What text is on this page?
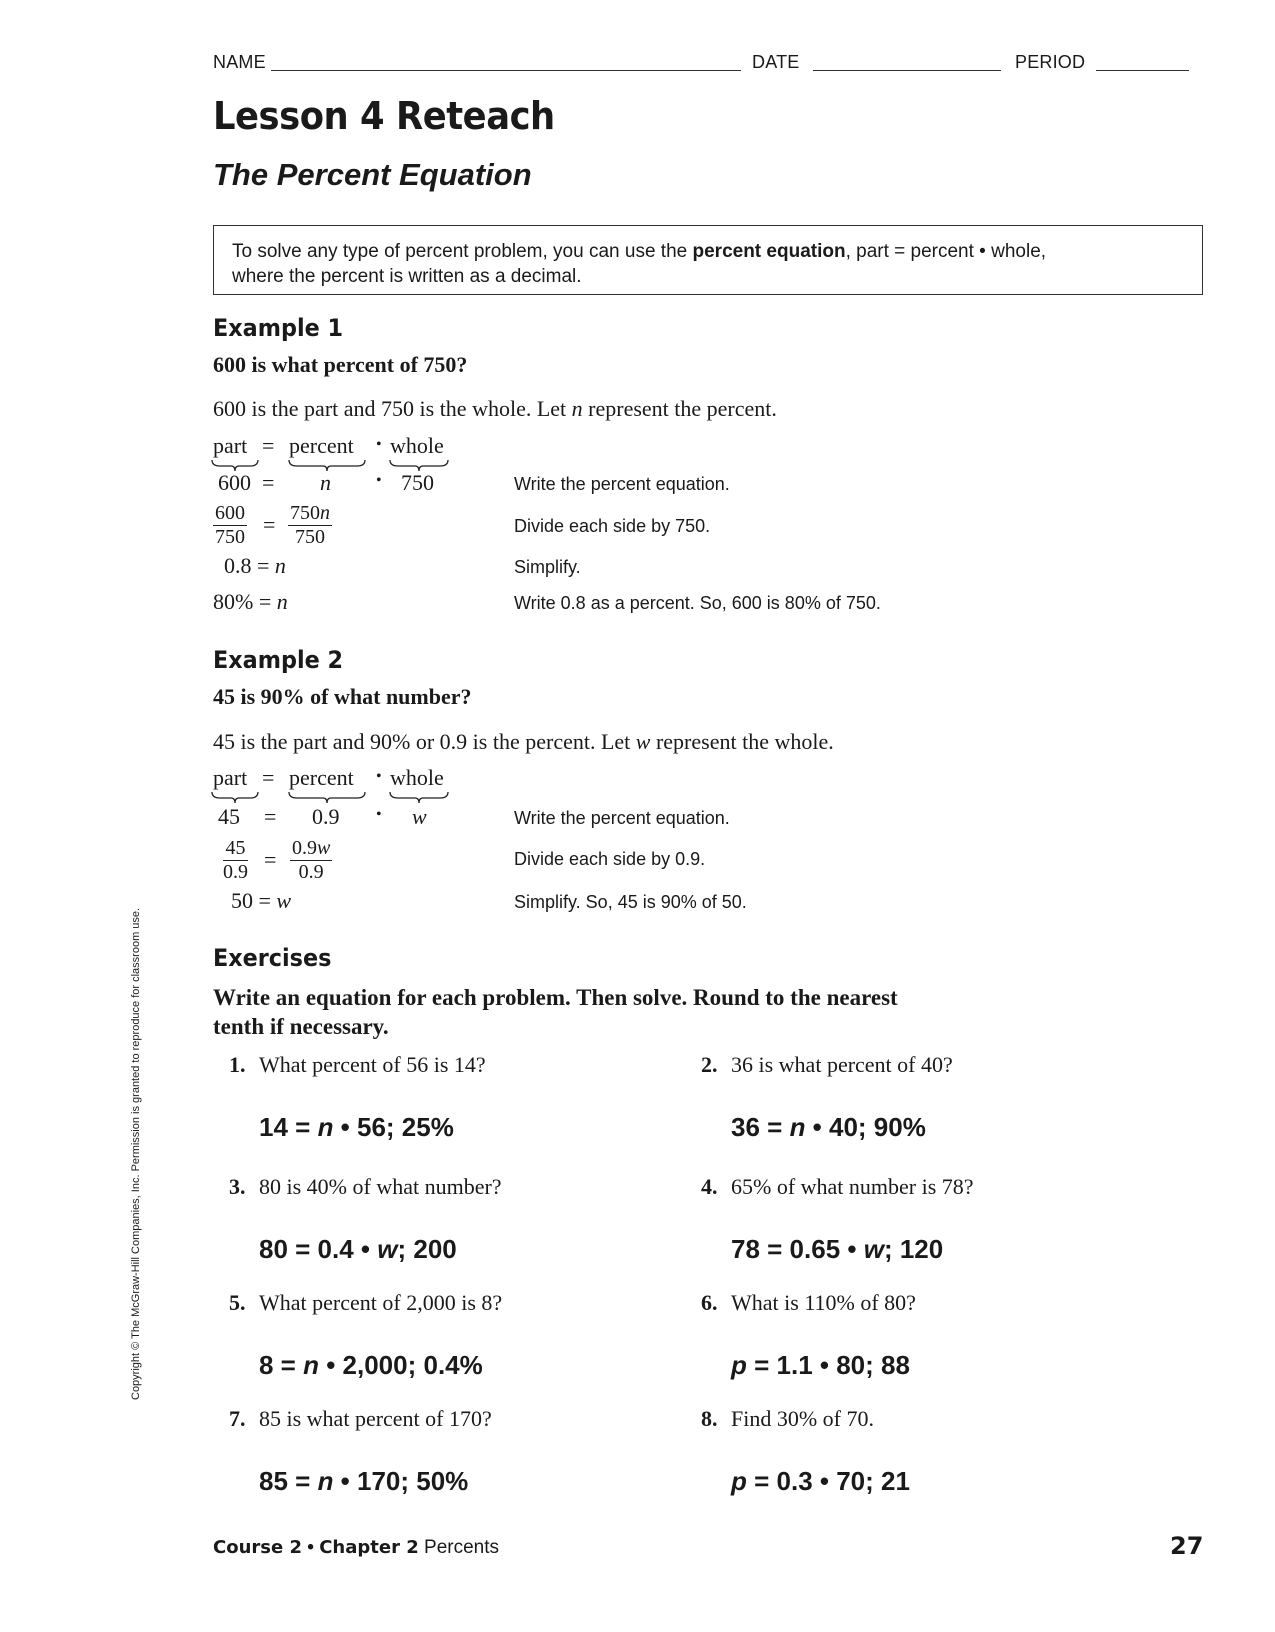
NAME	DATE	PERIOD
Lesson 4 Reteach
The Percent Equation
To solve any type of percent problem, you can use the percent equation, part = percent • whole,
where the percent is written as a decimal.
Example 1
600 is what percent of 750?
600 is the part and 750 is the whole. Let n represent the percent.
part = percent • whole
600 = n	• 750	Write the percent equation.
$\frac{600}{750} = \frac{750n}{750}$	Divide each side by 750.
0.8 = n	Simplify.
80% = n	Write 0.8 as a percent. So, 600 is 80% of 750.
Example 2
45 is 90% of what number?
45 is the part and 90% or 0.9 is the percent. Let w represent the whole.
part = percent • whole
45 = 0.9 • w	Write the percent equation.
$\frac{45}{0.9} = \frac{0.9w}{0.9}$	Divide each side by 0.9.
50 = w	Simplify. So, 45 is 90% of 50.
Exercises
Write an equation for each problem. Then solve. Round to the nearest
tenth if necessary.
1. What percent of 56 is 14?
14 = n • 56; 25%
2. 36 is what percent of 40?
36 = n • 40; 90%
3. 80 is 40% of what number?
80 = 0.4 • w; 200
4. 65% of what number is 78?
78 = 0.65 • w; 120
5. What percent of 2,000 is 8?
8 = n • 2,000; 0.4%
6. What is 110% of 80?
p = 1.1 • 80; 88
7. 85 is what percent of 170?
85 = n • 170; 50%
8. Find 30% of 70.
p = 0.3 • 70; 21
Course 2 • Chapter 2 Percents	27
Copyright © The McGraw-Hill Companies, Inc. Permission is granted to reproduce for classroom use.
